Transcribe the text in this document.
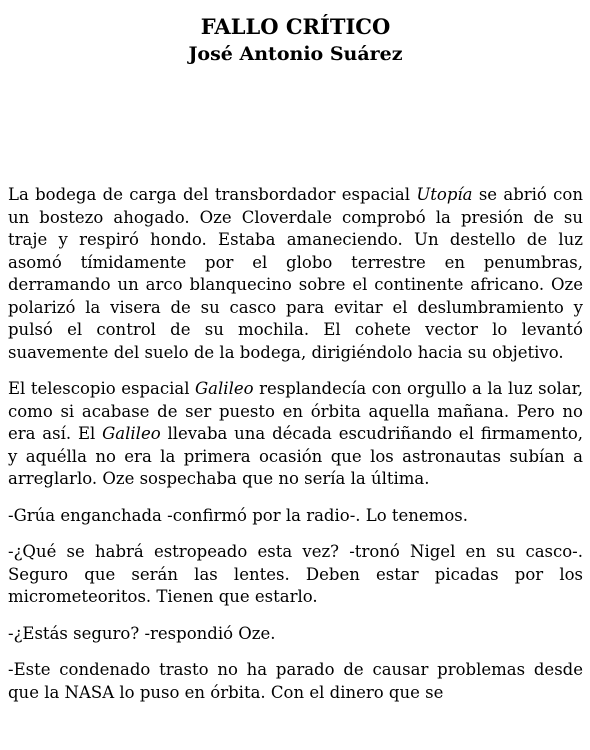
FALLO CRÍTICO
José Antonio Suárez

La bodega de carga del transbordador espacial Utopía se abrió con un bostezo ahogado. Oze Cloverdale comprobó la presión de su traje y respiró hondo. Estaba amaneciendo. Un destello de luz asomó tímidamente por el globo terrestre en penumbras, derramando un arco blanquecino sobre el continente africano. Oze polarizó la visera de su casco para evitar el deslumbramiento y pulsó el control de su mochila. El cohete vector lo levantó suavemente del suelo de la bodega, dirigiéndolo hacia su objetivo.

El telescopio espacial Galileo resplandecía con orgullo a la luz solar, como si acabase de ser puesto en órbita aquella mañana. Pero no era así. El Galileo llevaba una década escudriñando el firmamento, y aquélla no era la primera ocasión que los astronautas subían a arreglarlo. Oze sospechaba que no sería la última.

-Grúa enganchada -confirmó por la radio-. Lo tenemos.

-¿Qué se habrá estropeado esta vez? -tronó Nigel en su casco-. Seguro que serán las lentes. Deben estar picadas por los micrometeoritos. Tienen que estarlo.

-¿Estás seguro? -respondió Oze.

-Este condenado trasto no ha parado de causar problemas desde que la NASA lo puso en órbita. Con el dinero que se
